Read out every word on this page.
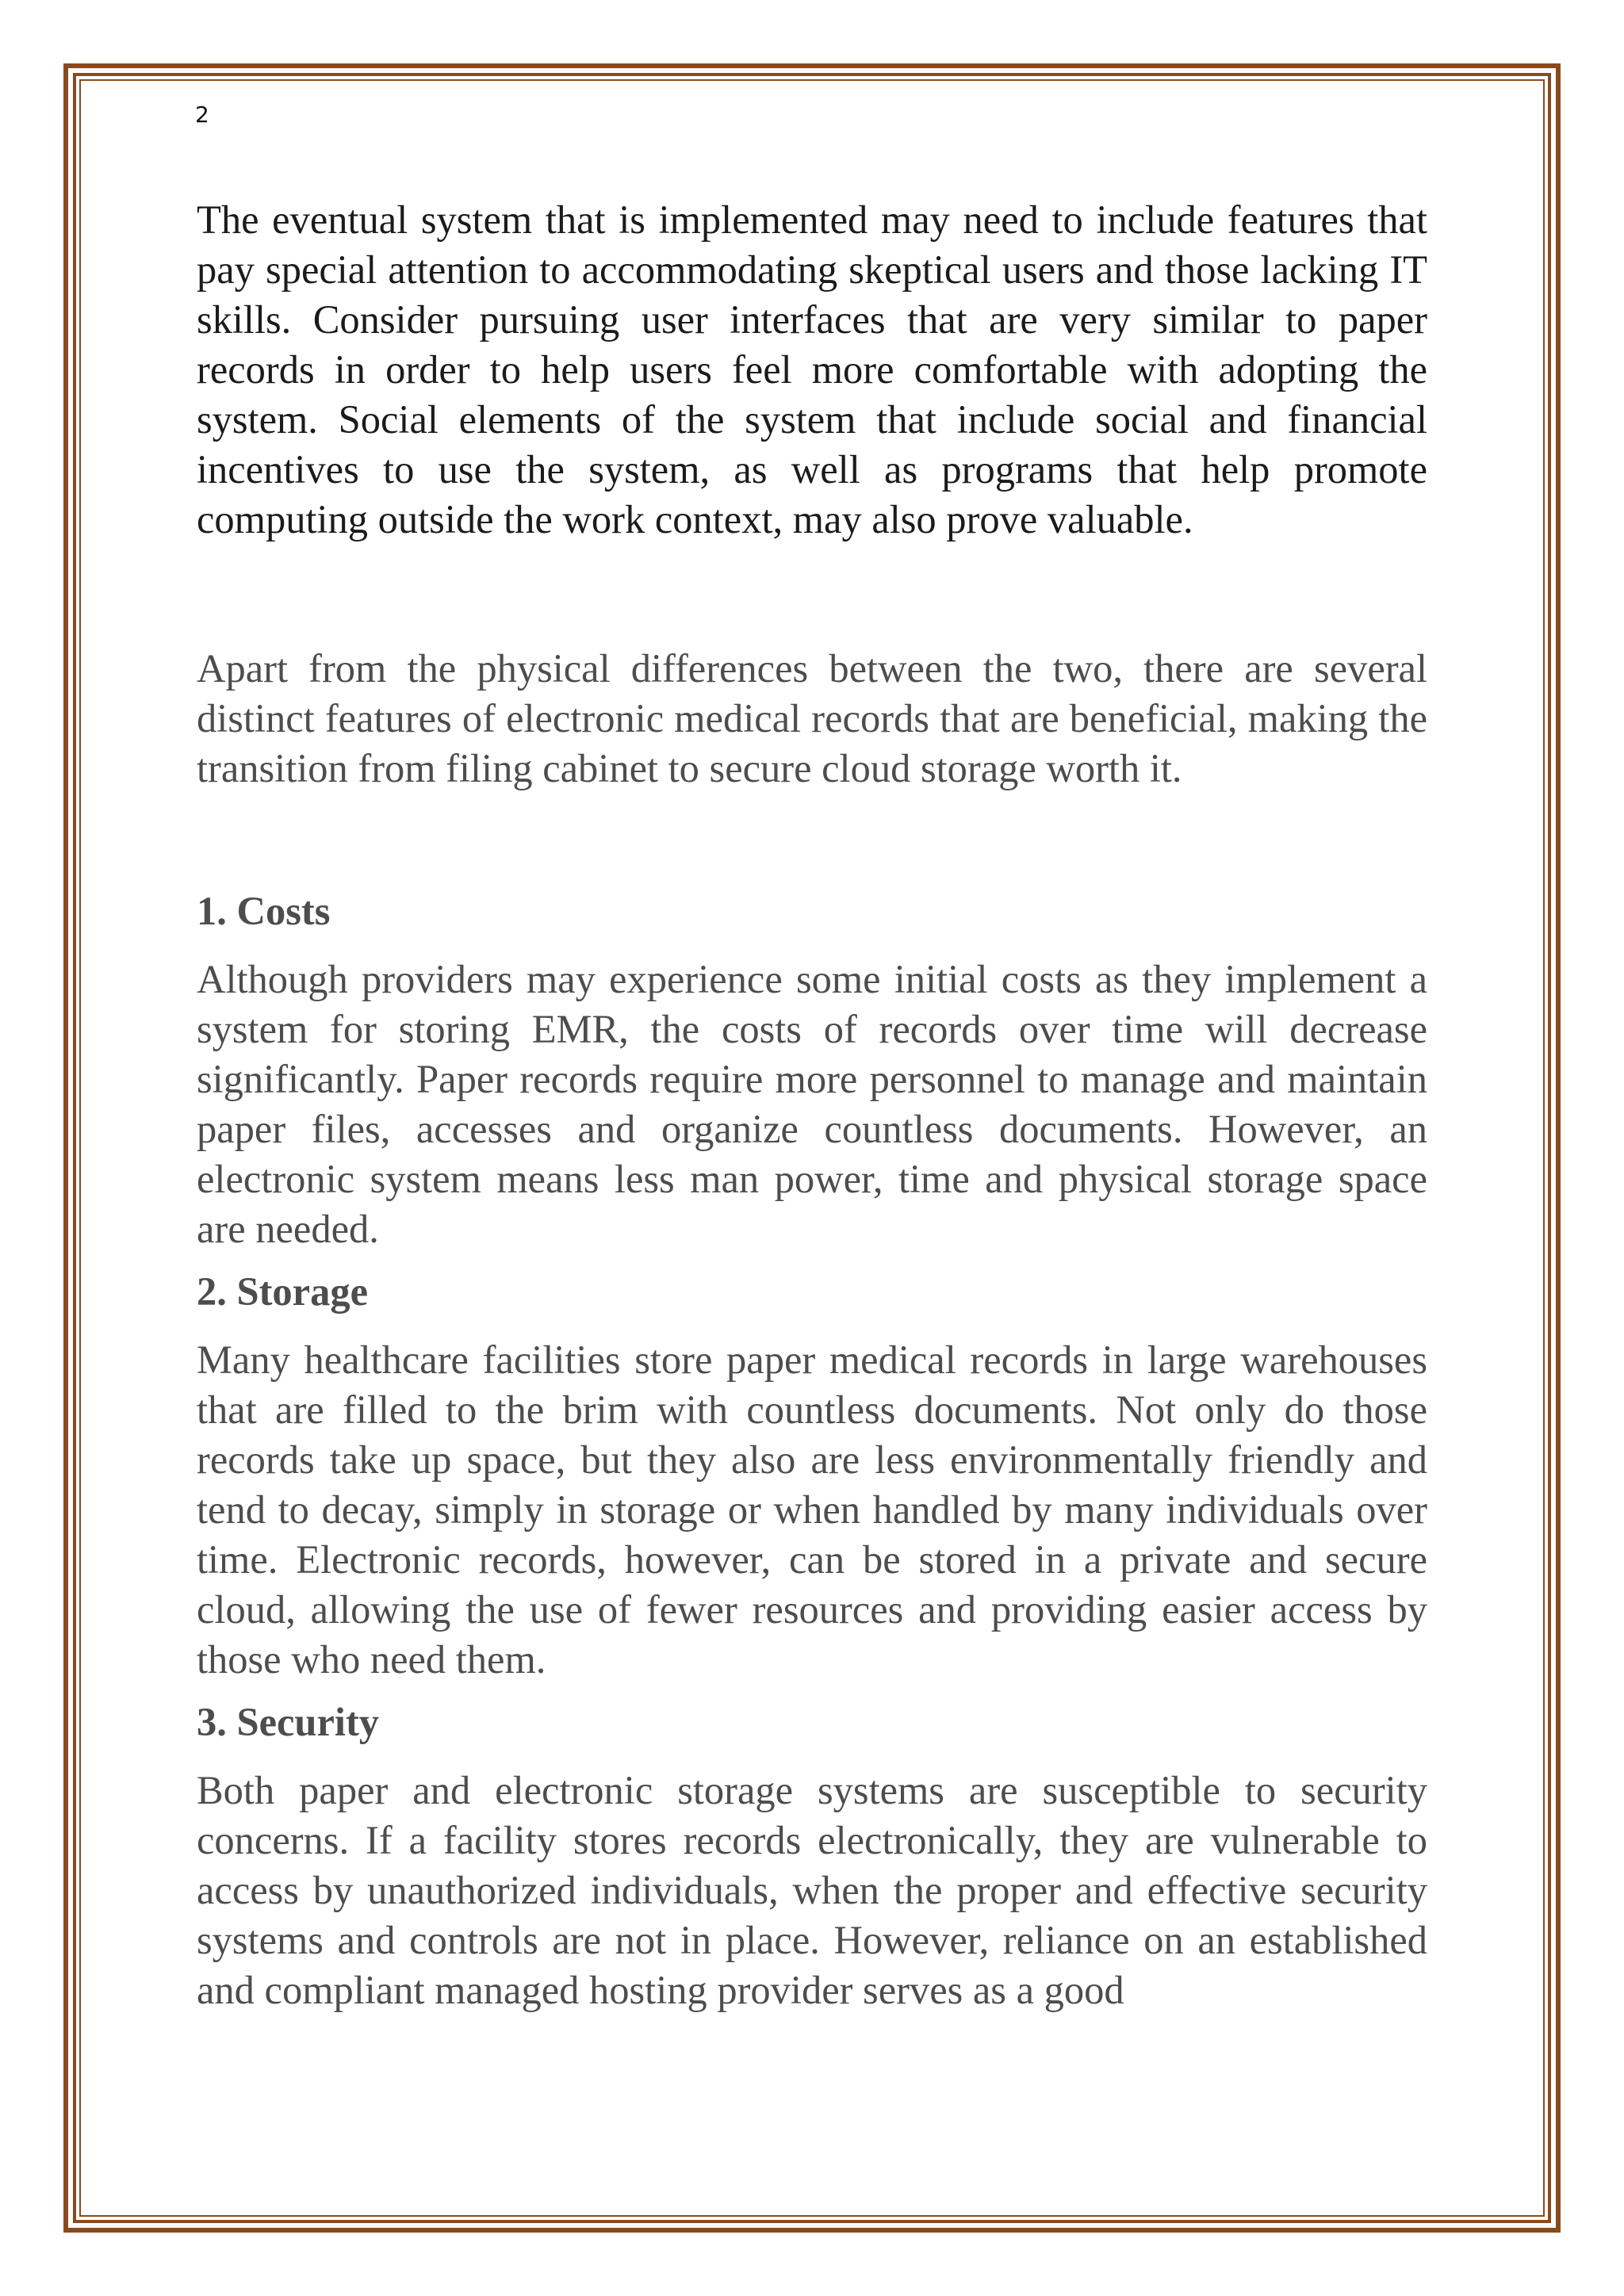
2

The eventual system that is implemented may need to include features that pay special attention to accommodating skeptical users and those lacking IT skills. Consider pursuing user interfaces that are very similar to paper records in order to help users feel more comfortable with adopting the system. Social elements of the system that include social and financial incentives to use the system, as well as programs that help promote computing outside the work context, may also prove valuable.

Apart from the physical differences between the two, there are several distinct features of electronic medical records that are beneficial, making the transition from filing cabinet to secure cloud storage worth it.

1. Costs

Although providers may experience some initial costs as they implement a system for storing EMR, the costs of records over time will decrease significantly. Paper records require more personnel to manage and maintain paper files, accesses and organize countless documents. However, an electronic system means less man power, time and physical storage space are needed.

2. Storage

Many healthcare facilities store paper medical records in large warehouses that are filled to the brim with countless documents. Not only do those records take up space, but they also are less environmentally friendly and tend to decay, simply in storage or when handled by many individuals over time. Electronic records, however, can be stored in a private and secure cloud, allowing the use of fewer resources and providing easier access by those who need them.

3. Security

Both paper and electronic storage systems are susceptible to security concerns. If a facility stores records electronically, they are vulnerable to access by unauthorized individuals, when the proper and effective security systems and controls are not in place. However, reliance on an established and compliant managed hosting provider serves as a good
